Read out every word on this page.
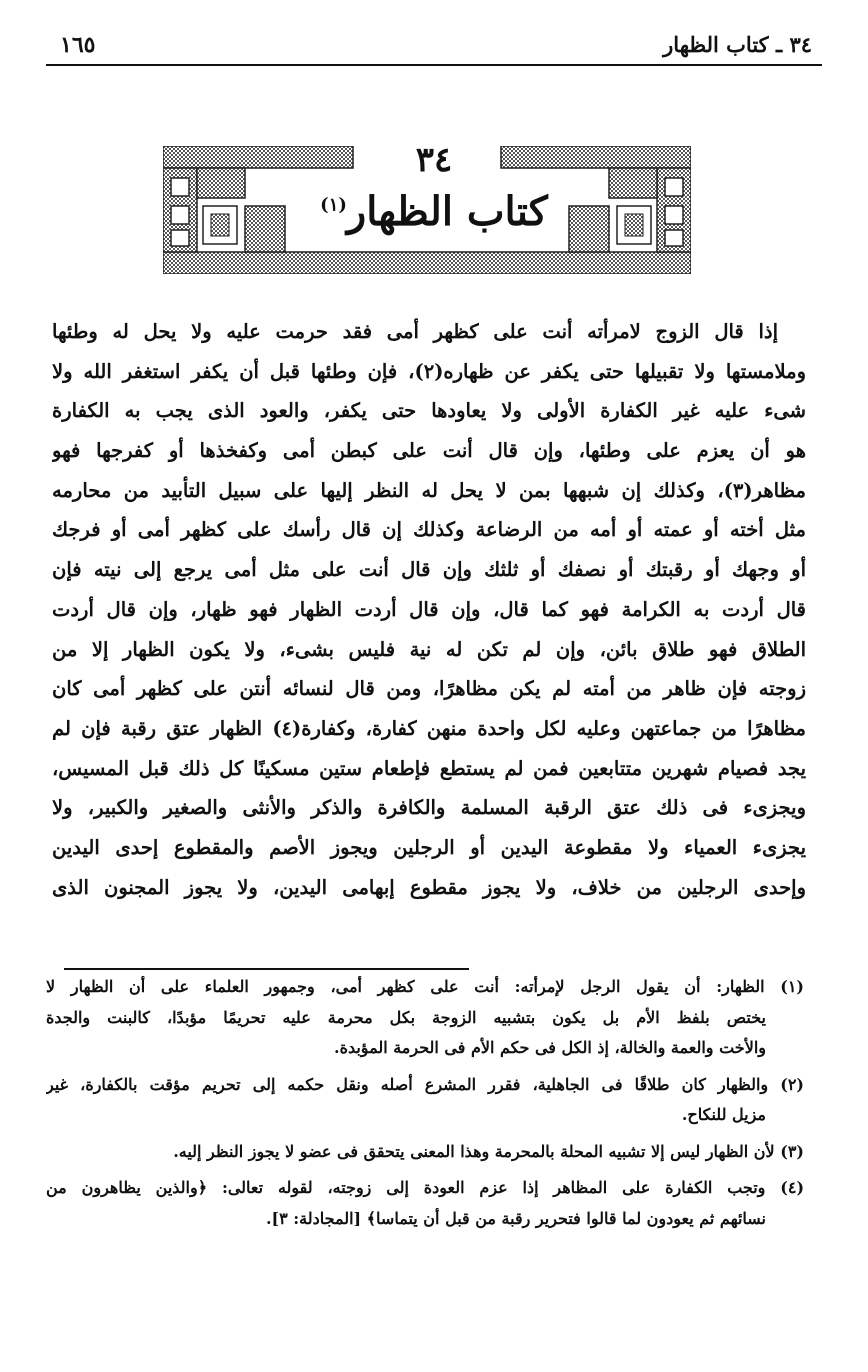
٣٤ ـ كتاب الظهار
١٦٥
٣٤
كتاب الظهار$^{(١)}$
إذا قال الزوج لامرأته أنت على كظهر أمى فقد حرمت عليه ولا يحل له وطئها
وملامستها ولا تقبيلها حتى يكفر عن ظهاره(٢)، فإن وطئها قبل أن يكفر استغفر الله ولا
شىء عليه غير الكفارة الأولى ولا يعاودها حتى يكفر، والعود الذى يجب به الكفارة
هو أن يعزم على وطئها، وإن قال أنت على كبطن أمى وكفخذها أو كفرجها فهو
مظاهر(٣)، وكذلك إن شبهها بمن لا يحل له النظر إليها على سبيل التأبيد من محارمه
مثل أخته أو عمته أو أمه من الرضاعة وكذلك إن قال رأسك على كظهر أمى أو فرجك
أو وجهك أو رقبتك أو نصفك أو ثلثك وإن قال أنت على مثل أمى يرجع إلى نيته فإن
قال أردت به الكرامة فهو كما قال، وإن قال أردت الظهار فهو ظهار، وإن قال أردت
الطلاق فهو طلاق بائن، وإن لم تكن له نية فليس بشىء، ولا يكون الظهار إلا من
زوجته فإن ظاهر من أمته لم يكن مظاهرًا، ومن قال لنسائه أنتن على كظهر أمى كان
مظاهرًا من جماعتهن وعليه لكل واحدة منهن كفارة، وكفارة(٤) الظهار عتق رقبة فإن لم
يجد فصيام شهرين متتابعين فمن لم يستطع فإطعام ستين مسكينًا كل ذلك قبل المسيس،
ويجزىء فى ذلك عتق الرقبة المسلمة والكافرة والذكر والأنثى والصغير والكبير، ولا
يجزىء العمياء ولا مقطوعة اليدين أو الرجلين ويجوز الأصم والمقطوع إحدى اليدين
وإحدى الرجلين من خلاف، ولا يجوز مقطوع إبهامى اليدين، ولا يجوز المجنون الذى
(١) الظهار: أن يقول الرجل لإمرأته: أنت على كظهر أمى، وجمهور العلماء على أن الظهار لا
يختص بلفظ الأم بل يكون بتشبيه الزوجة بكل محرمة عليه تحريمًا مؤبدًا، كالبنت والجدة
والأخت والعمة والخالة، إذ الكل فى حكم الأم فى الحرمة المؤبدة.
(٢) والظهار كان طلاقًا فى الجاهلية، فقرر المشرع أصله ونقل حكمه إلى تحريم مؤقت بالكفارة، غير
مزيل للنكاح.
(٣) لأن الظهار ليس إلا تشبيه المحلة بالمحرمة وهذا المعنى يتحقق فى عضو لا يجوز النظر إليه.
(٤) وتجب الكفارة على المظاهر إذا عزم العودة إلى زوجته، لقوله تعالى: ﴿والذين يظاهرون من
نسائهم ثم يعودون لما قالوا فتحرير رقبة من قبل أن يتماسا﴾ [المجادلة: ٣].
